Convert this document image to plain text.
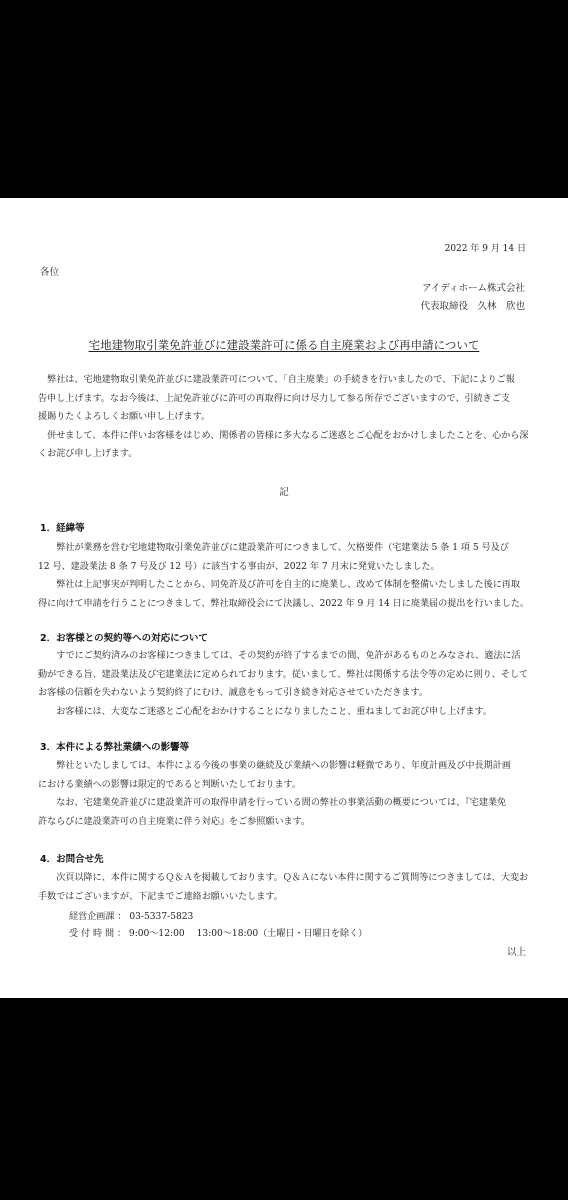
2022 年 9 月 14 日
各位
アイディホーム株式会社
代表取締役　久林　欣也
宅地建物取引業免許並びに建設業許可に係る自主廃業および再申請について

　弊社は、宅地建物取引業免許並びに建設業許可について、「自主廃業」の手続きを行いましたので、下記によりご報

告申し上げます。なお今後は、上記免許並びに許可の再取得に向け尽力して参る所存でございますので、引続きご支

援賜りたくよろしくお願い申し上げます。

　併せまして、本件に伴いお客様をはじめ、関係者の皆様に多大なるご迷惑とご心配をおかけしましたことを、心から深

くお詫び申し上げます。

記
1．経緯等

　　弊社が業務を営む宅地建物取引業免許並びに建設業許可につきまして、欠格要件（宅建業法 5 条 1 項 5 号及び

12 号、建設業法 8 条 7 号及び 12 号）に該当する事由が、2022 年 7 月末に発覚いたしました。

　　弊社は上記事実が判明したことから、同免許及び許可を自主的に廃業し、改めて体制を整備いたしました後に再取

得に向けて申請を行うことにつきまして、弊社取締役会にて決議し、2022 年 9 月 14 日に廃業届の提出を行いました。

2．お客様との契約等への対応について

　　すでにご契約済みのお客様につきましては、その契約が終了するまでの間、免許があるものとみなされ、適法に活

動ができる旨、建設業法及び宅建業法に定められております。従いまして、弊社は関係する法令等の定めに則り、そして

お客様の信頼を失わないよう契約終了にむけ、誠意をもって引き続き対応させていただきます。

　　お客様には、大変なご迷惑とご心配をおかけすることになりましたこと、重ねましてお詫び申し上げます。

3．本件による弊社業績への影響等

　　弊社といたしましては、本件による今後の事業の継続及び業績への影響は軽微であり、年度計画及び中長期計画

における業績への影響は限定的であると判断いたしております。

　　なお、宅建業免許並びに建設業許可の取得申請を行っている間の弊社の事業活動の概要については、『宅建業免

許ならびに建設業許可の自主廃業に伴う対応』をご参照願います。

4．お問合せ先

　　次頁以降に、本件に関するＱ＆Ａを掲載しております。Ｑ＆Ａにない本件に関するご質問等につきましては、大変お

手数ではございますが、下記までご連絡お願いいたします。

経営企画課 ： 03-5337-5823
受 付 時 間 ： 9:00～12:00　 13:00～18:00（土曜日・日曜日を除く）
以上
